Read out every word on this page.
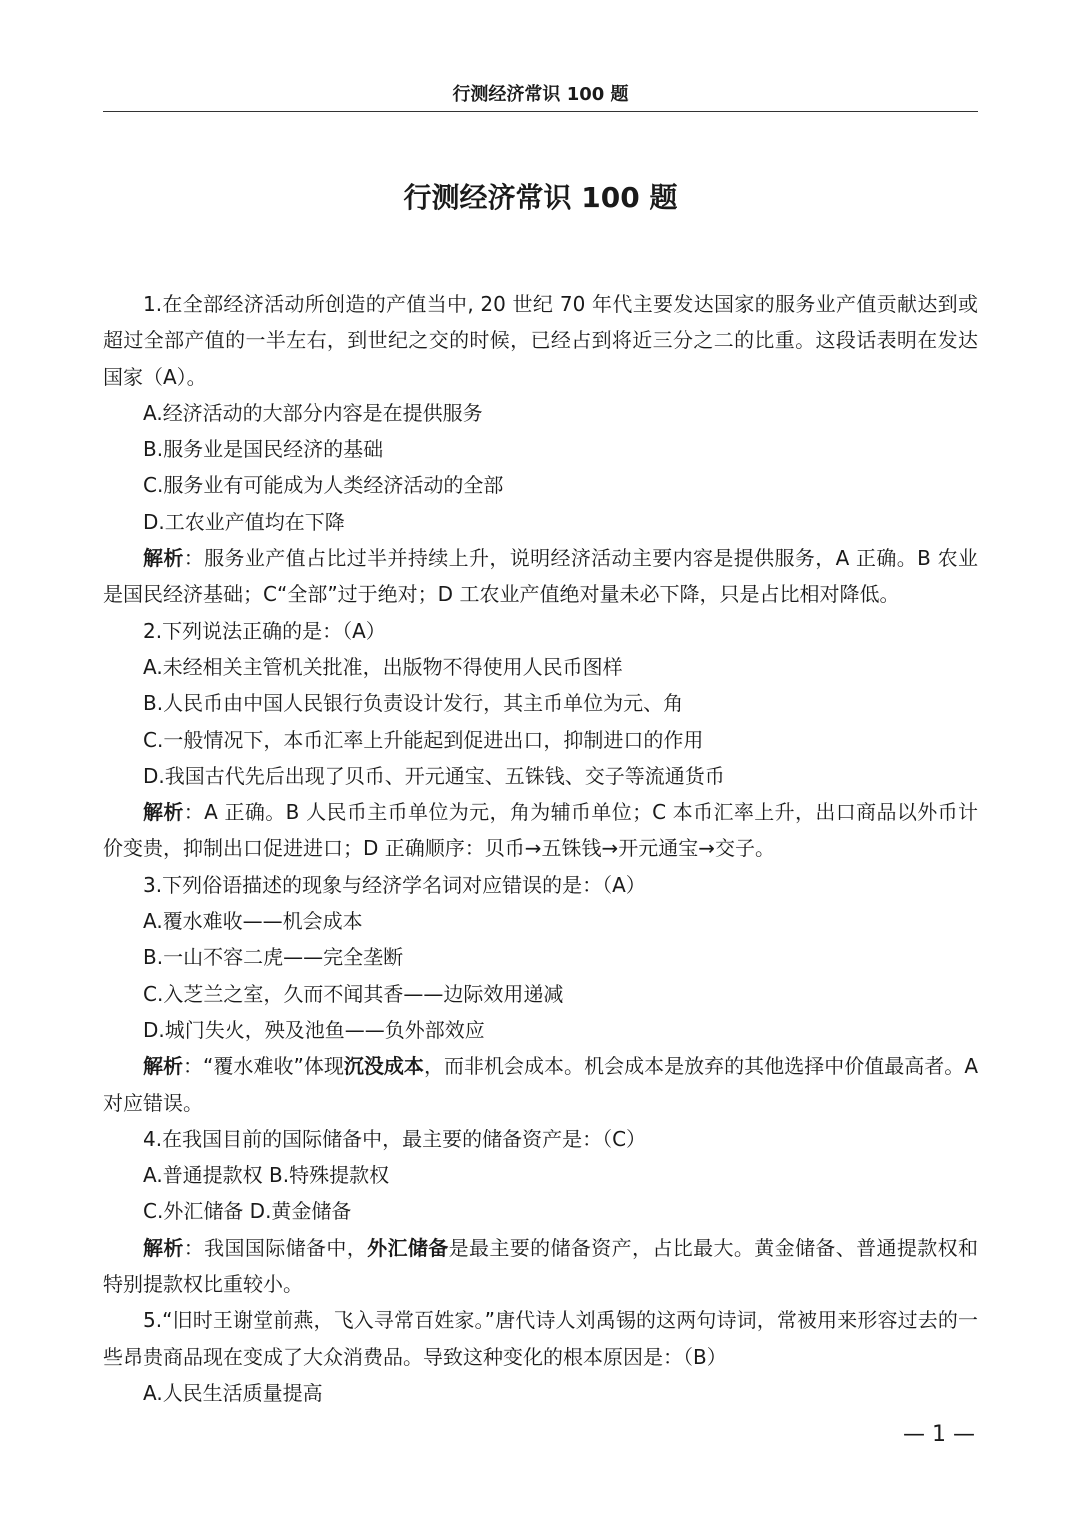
行测经济常识 100 题
行测经济常识 100 题

1.在全部经济活动所创造的产值当中, 20 世纪 70 年代主要发达国家的服务业产值贡献达到或超过全部产值的一半左右，到世纪之交的时候，已经占到将近三分之二的比重。这段话表明在发达国家（A）。

A.经济活动的大部分内容是在提供服务

B.服务业是国民经济的基础

C.服务业有可能成为人类经济活动的全部

D.工农业产值均在下降

解析：服务业产值占比过半并持续上升，说明经济活动主要内容是提供服务，A 正确。B 农业是国民经济基础；C“全部”过于绝对；D 工农业产值绝对量未必下降，只是占比相对降低。

2.下列说法正确的是：（A）

A.未经相关主管机关批准，出版物不得使用人民币图样

B.人民币由中国人民银行负责设计发行，其主币单位为元、角

C.一般情况下，本币汇率上升能起到促进出口，抑制进口的作用

D.我国古代先后出现了贝币、开元通宝、五铢钱、交子等流通货币

解析：A 正确。B 人民币主币单位为元，角为辅币单位；C 本币汇率上升，出口商品以外币计价变贵，抑制出口促进进口；D 正确顺序：贝币→五铢钱→开元通宝→交子。

3.下列俗语描述的现象与经济学名词对应错误的是：（A）

A.覆水难收——机会成本

B.一山不容二虎——完全垄断

C.入芝兰之室，久而不闻其香——边际效用递减

D.城门失火，殃及池鱼——负外部效应

解析：“覆水难收”体现沉没成本，而非机会成本。机会成本是放弃的其他选择中价值最高者。A 对应错误。

4.在我国目前的国际储备中，最主要的储备资产是：（C）

A.普通提款权 B.特殊提款权

C.外汇储备 D.黄金储备

解析：我国国际储备中，外汇储备是最主要的储备资产，占比最大。黄金储备、普通提款权和特别提款权比重较小。

5.“旧时王谢堂前燕，飞入寻常百姓家。”唐代诗人刘禹锡的这两句诗词，常被用来形容过去的一些昂贵商品现在变成了大众消费品。导致这种变化的根本原因是：（B）

A.人民生活质量提高

— 1 —
